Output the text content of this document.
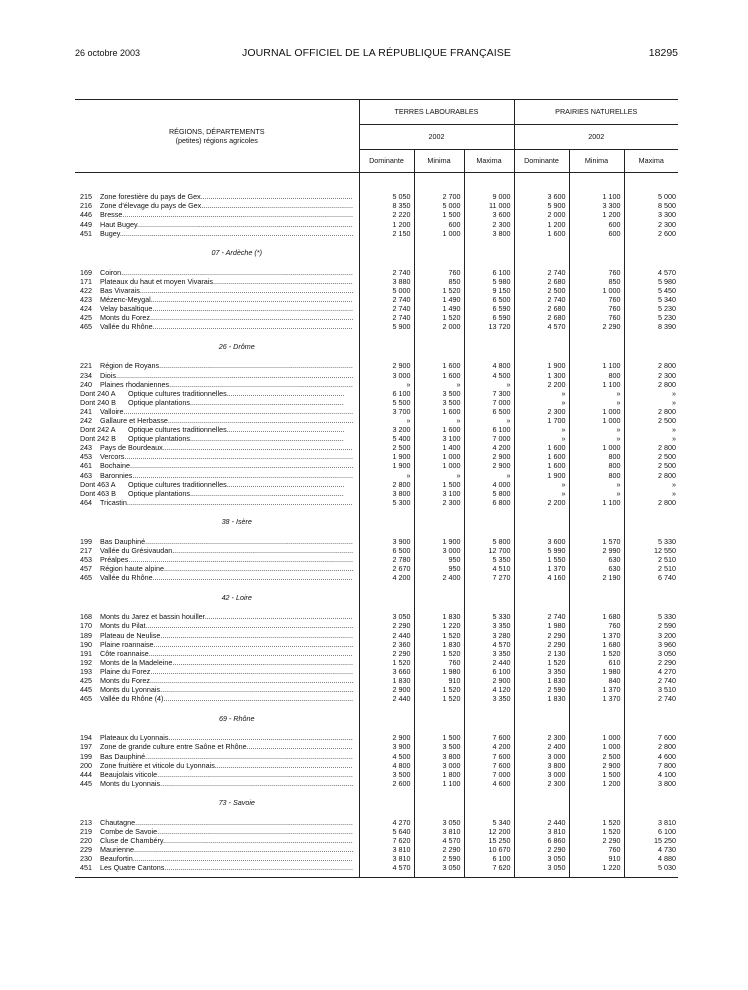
26 octobre 2003	JOURNAL OFFICIEL DE LA RÉPUBLIQUE FRANÇAISE	18295
RÉGIONS, DÉPARTEMENTS
(petites) régions agricoles	TERRES LABOURABLES			PRAIRIES NATURELLES		
	2002			2002		
	Dominante	Minima	Maxima	Dominante	Minima	Maxima

215 Zone forestière du pays de Gex .....	5 050	2 700	9 000	3 600	1 100	5 000
216 Zone d'élevage du pays de Gex .....	8 350	5 000	11 000	5 900	3 300	8 500
446 Bresse .....	2 220	1 500	3 600	2 000	1 200	3 300
449 Haut Bugey .....	1 200	600	2 300	1 200	600	2 300
451 Bugey .....	2 150	1 000	3 800	1 600	600	2 600
07 - Ardèche (*)						
169 Coiron .....	2 740	760	6 100	2 740	760	4 570
171 Plateaux du haut et moyen Vivarais .....	3 880	850	5 980	2 680	850	5 980
422 Bas Vivarais .....	5 000	1 520	9 150	2 500	1 000	5 450
423 Mézenc-Meygal .....	2 740	1 490	6 500	2 740	760	5 340
424 Velay basaltique .....	2 740	1 490	6 590	2 680	760	5 230
425 Monts du Forez .....	2 740	1 520	6 590	2 680	760	5 230
465 Vallée du Rhône .....	5 900	2 000	13 720	4 570	2 290	8 390
26 - Drôme						
221 Région de Royans .....	2 900	1 600	4 800	1 900	1 100	2 800
234 Diois .....	3 000	1 600	4 500	1 300	800	2 300
240 Plaines rhodaniennes .....	»	»	»	2 200	1 100	2 800
Dont 240 A Optique cultures traditionnelles .....	6 100	3 500	7 300	»	»	»
Dont 240 B Optique plantations .....	5 500	3 500	7 000	»	»	»
241 Valloire .....	3 700	1 600	6 500	2 300	1 000	2 800
242 Gallaure et Herbasse .....	»	»	»	1 700	1 000	2 500
Dont 242 A Optique cultures traditionnelles .....	3 200	1 600	6 100	»	»	»
Dont 242 B Optique plantations .....	5 400	3 100	7 000	»	»	»
243 Pays de Bourdeaux .....	2 500	1 400	4 200	1 600	1 000	2 800
453 Vercors .....	1 900	1 000	2 900	1 600	800	2 500
461 Bochaine .....	1 900	1 000	2 900	1 600	800	2 500
463 Baronnies .....	»	»	»	1 900	800	2 800
Dont 463 A Optique cultures traditionnelles .....	2 800	1 500	4 000	»	»	»
Dont 463 B Optique plantations .....	3 800	3 100	5 800	»	»	»
464 Tricastin .....	5 300	2 300	6 800	2 200	1 100	2 800
38 - Isère						
199 Bas Dauphiné .....	3 900	1 900	5 800	3 600	1 570	5 330
217 Vallée du Grésivaudan .....	6 500	3 000	12 700	5 990	2 990	12 550
453 Préalpes .....	2 780	950	5 350	1 550	630	2 510
457 Région haute alpine .....	2 670	950	4 510	1 370	630	2 510
465 Vallée du Rhône .....	4 200	2 400	7 270	4 160	2 190	6 740
42 - Loire						
168 Monts du Jarez et bassin houiller .....	3 050	1 830	5 330	2 740	1 680	5 330
170 Monts du Pilat .....	2 290	1 220	3 350	1 980	760	2 590
189 Plateau de Neulise .....	2 440	1 520	3 280	2 290	1 370	3 200
190 Plaine roannaise .....	2 360	1 830	4 570	2 290	1 680	3 960
191 Côte roannaise .....	2 290	1 520	3 350	2 130	1 520	3 050
192 Monts de la Madeleine .....	1 520	760	2 440	1 520	610	2 290
193 Plaine du Forez .....	3 660	1 980	6 100	3 350	1 980	4 270
425 Monts du Forez .....	1 830	910	2 900	1 830	840	2 740
445 Monts du Lyonnais .....	2 900	1 520	4 120	2 590	1 370	3 510
465 Vallée du Rhône (4) .....	2 440	1 520	3 350	1 830	1 370	2 740
69 - Rhône						
194 Plateaux du Lyonnais .....	2 900	1 500	7 600	2 300	1 000	7 600
197 Zone de grande culture entre Saône et Rhône .....	3 900	3 500	4 200	2 400	1 000	2 800
199 Bas Dauphiné .....	4 500	3 800	7 600	3 000	2 500	4 600
200 Zone fruitière et viticole du Lyonnais .....	4 800	3 000	7 600	3 800	2 900	7 800
444 Beaujolais viticole .....	3 500	1 800	7 000	3 000	1 500	4 100
445 Monts du Lyonnais .....	2 600	1 100	4 600	2 300	1 200	3 800
73 - Savoie						
213 Chautagne .....	4 270	3 050	5 340	2 440	1 520	3 810
219 Combe de Savoie .....	5 640	3 810	12 200	3 810	1 520	6 100
220 Cluse de Chambéry .....	7 620	4 570	15 250	6 860	2 290	15 250
229 Maurienne .....	3 810	2 290	10 670	2 290	760	4 730
230 Beaufortin .....	3 810	2 590	6 100	3 050	910	4 880
451 Les Quatre Cantons .....	4 570	3 050	7 620	3 050	1 220	5 030
